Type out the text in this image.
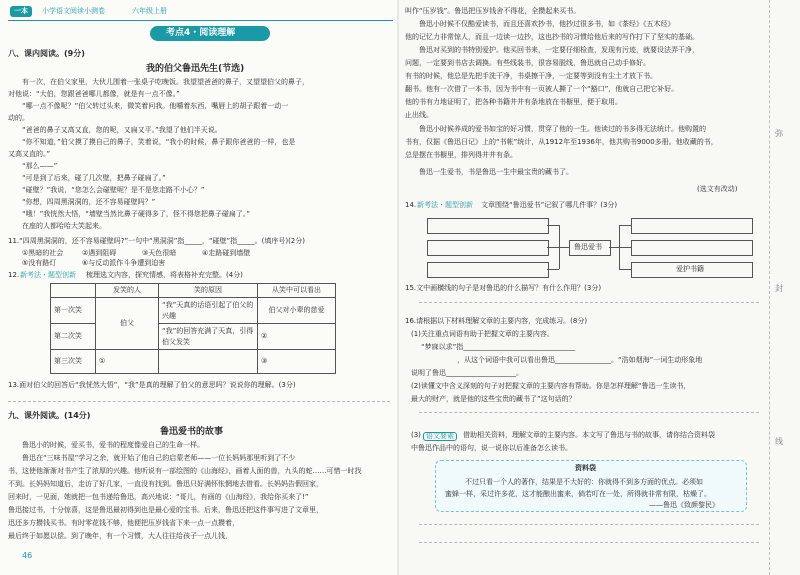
一本	小学语文阅读小测卷	六年级上册
考点4・阅读理解
八、课内阅读。(9分)
我的伯父鲁迅先生(节选)
有一次，在伯父家里，大伙儿围着一张桌子吃晚饭。我望望爸爸的鼻子，又望望伯父的鼻子，
对他说：“大伯，您跟爸爸哪儿都像，就是有一点不像。”
“哪一点不像呢？”伯父转过头来，微笑着问我。他嚼着东西，嘴唇上的胡子跟着一动一
动的。
“爸爸的鼻子又高又直，您的呢，又扁又平。”我望了他们半天说。
“你不知道，”伯父摸了摸自己的鼻子，笑着说，“我小的时候，鼻子跟你爸爸的一样，也是
又高又直的。”
“那么——”
“可是到了后来，碰了几次壁，把鼻子碰扁了。”
“碰壁？”我说，“您怎么会碰壁呢？是不是您走路不小心？”
“你想，四周黑洞洞的，还不容易碰壁吗？”
“哦！”我恍然大悟，“墙壁当然比鼻子硬得多了，怪不得您把鼻子碰扁了。”
在座的人都哈哈大笑起来。
11.“四周黑洞洞的，还不容易碰壁吗?”一句中“黑洞洞”指_____，“碰壁”指_____。(填序号)(2分)
①黑暗的社会	②遇到阻碍	③天色很暗	④走路碰到墙壁
⑤没有路灯	⑥与反动派作斗争遭到迫害
12. 新考法・题型创新 梳理选文内容，探究情感，将表格补充完整。(4分)
	发笑的人	笑的原因	从笑中可以看出
第一次笑	伯父	“我”天真的话语引起了伯父的兴趣	伯父对小辈的慈爱
第二次笑		“我”的回答充满了天真，引得伯父发笑	②
第三次笑	①		③
13.面对伯父的回答后“我恍然大悟”，“我”是真的理解了伯父的意思吗？说说你的理解。(3分)
九、课外阅读。(14分)
鲁迅爱书的故事
鲁迅小的时候，爱买书，爱书的程度像爱自己的生命一样。
鲁迅在“三味书屋”学习之余，就开始了他自己的启蒙老师——一位长妈妈那里听到了不少
书，这使他渐渐对书产生了浓厚的兴趣。他听说有一部绘图的《山海经》，画着人面的兽，九头的蛇……可惜一时找
不到。长妈妈知道后，走访了好几家，一直没有找到。鲁迅只好满怀怅惘地去借看。长妈妈告假回家，
回来时，一见面，她就把一包书递给鲁迅，高兴地说：“哥儿，有画的《山海经》，我给你买来了!”
鲁迅接过书，十分惊喜，这是鲁迅最初得到也是最心爱的宝书。后来，鲁迅还把这件事写进了文章里，
迅还多方攒钱买书。有时零花钱不够，他便把压岁钱省下来一点一点攒着，
最后终于如愿以偿。到了晚年，有一个习惯，大人往往给孩子一点儿钱，
46
叫作“压岁钱”。鲁迅把压岁钱舍不得花，全攒起来买书。
鲁迅小时候不仅酷爱读书，而且还喜欢抄书，他抄过很多书，如《茶经》《五木经》
他的记忆力非常惊人，而且一边读一边抄，这也抄书的习惯给他后来的写作打下了坚实的基础。
鲁迅对买到的书特别爱护。他买回书来，一定要仔细检查，发现有污迹，就要设法弄干净，
问题，一定要到书店去调换。有些线装书，很容易脱线，鲁迅就自己动手修好。
有书的时候，他总是先把手洗干净，书桌擦干净，一定要等到没有尘土才放下书。
翻书。他有一次借了一本书，因为书中有一页被人撕了一个“豁口”，他就自己把它补好。
他的书有力地证明了，把各种书籍井井有条地放在书橱里，便于取用。
止出线。
鲁迅小时候养成的爱书如宝的好习惯，贯穿了他的一生。他读过的书多得无法统计。他购置的
书有，仅据《鲁迅日记》上的“书帐”统计，从1912年至1936年，他共购书9000多册。他收藏的书，
总是摆在书橱里，排列得井井有条。
鲁迅一生爱书，书是鲁迅一生中最宝贵的藏书了。
(选文有改动)
14. 新考法・题型创新 文章围绕“鲁迅爱书”记叙了哪几件事？(3分)
鲁迅爱书
爱护书籍
15.文中画横线的句子是对鲁迅的什么描写？有什么作用？(3分)
16.请根据以下材料理解文章的主要内容，完成练习。(8分)
(1)关注重点词语有助于把握文章的主要内容。
“梦寐以求”指________________________________
，从这个词语中我可以看出鲁迅________________。“浩如烟海”一词生动形象地
说明了鲁迅____________________。
(2)读懂文中含义深刻的句子对把握文章的主要内容有帮助。你是怎样理解“鲁迅一生读书，
最大的财产，就是他的这些宝贵的藏书了”这句话的？
(3) 语文要素	借助相关资料，理解文章的主要内容。本文写了鲁迅与书的故事，请你结合资料袋
中鲁迅作品中的语句，说一说你以后准备怎么读书。
资料袋
不过只看一个人的著作，结果是不大好的：你就得不到多方面的优点。必须如
蜜蜂一样，采过许多花，这才能酿出蜜来，倘若叮在一处，所得就非常有限，枯燥了。
——鲁迅《致颜黎民》
弥
封
线
